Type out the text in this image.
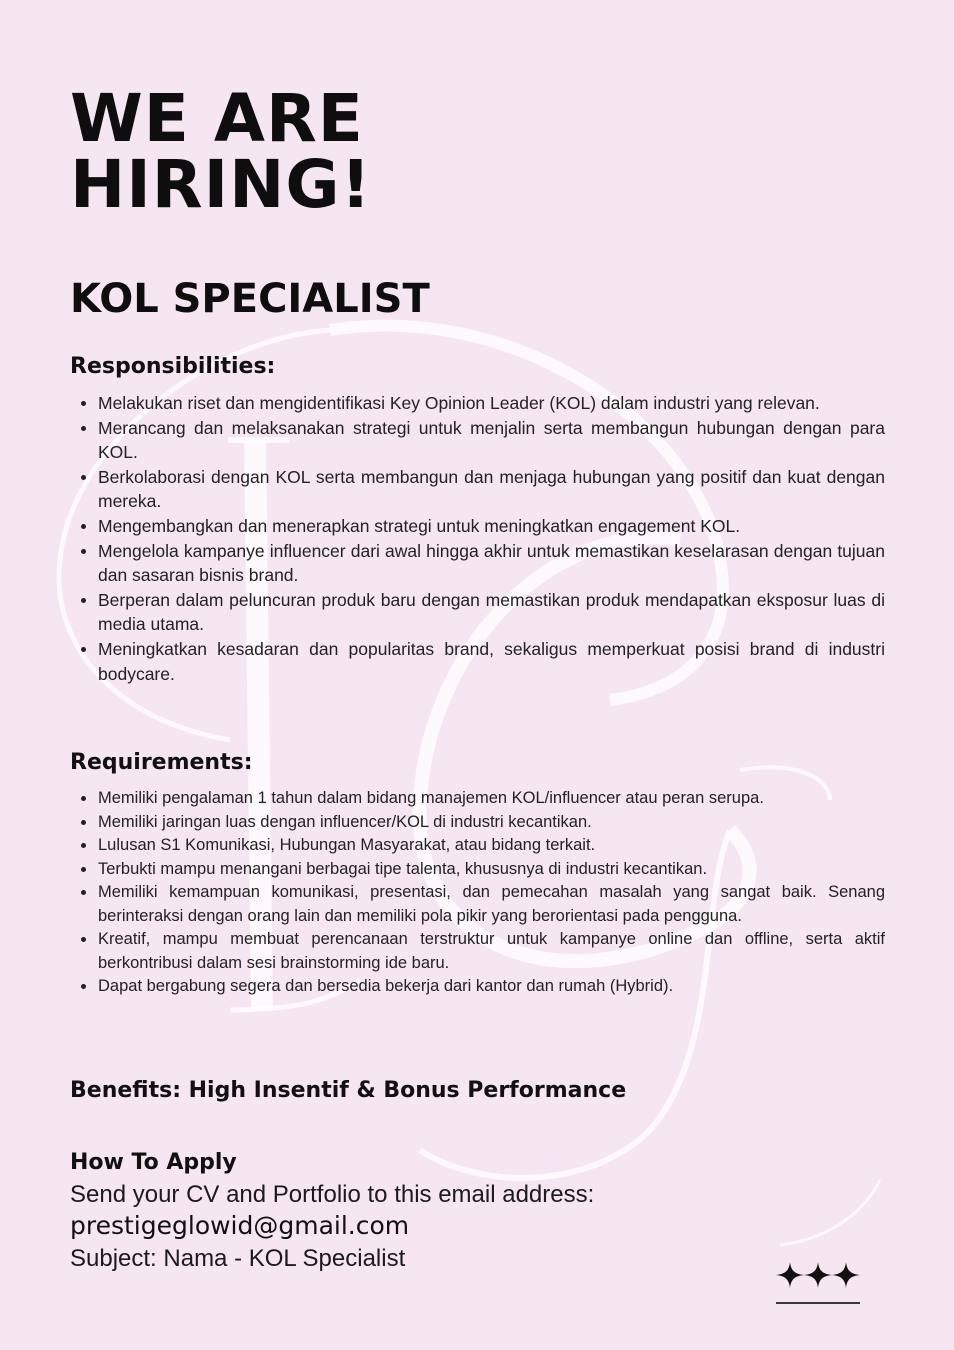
WE ARE
HIRING!
KOL SPECIALIST
Responsibilities:
Melakukan riset dan mengidentifikasi Key Opinion Leader (KOL) dalam industri yang relevan.
Merancang dan melaksanakan strategi untuk menjalin serta membangun hubungan dengan para KOL.
Berkolaborasi dengan KOL serta membangun dan menjaga hubungan yang positif dan kuat dengan mereka.
Mengembangkan dan menerapkan strategi untuk meningkatkan engagement KOL.
Mengelola kampanye influencer dari awal hingga akhir untuk memastikan keselarasan dengan tujuan dan sasaran bisnis brand.
Berperan dalam peluncuran produk baru dengan memastikan produk mendapatkan eksposur luas di media utama.
Meningkatkan kesadaran dan popularitas brand, sekaligus memperkuat posisi brand di industri bodycare.
Requirements:
Memiliki pengalaman 1 tahun dalam bidang manajemen KOL/influencer atau peran serupa.
Memiliki jaringan luas dengan influencer/KOL di industri kecantikan.
Lulusan S1 Komunikasi, Hubungan Masyarakat, atau bidang terkait.
Terbukti mampu menangani berbagai tipe talenta, khususnya di industri kecantikan.
Memiliki kemampuan komunikasi, presentasi, dan pemecahan masalah yang sangat baik. Senang berinteraksi dengan orang lain dan memiliki pola pikir yang berorientasi pada pengguna.
Kreatif, mampu membuat perencanaan terstruktur untuk kampanye online dan offline, serta aktif berkontribusi dalam sesi brainstorming ide baru.
Dapat bergabung segera dan bersedia bekerja dari kantor dan rumah (Hybrid).
Benefits: High Insentif & Bonus Performance
How To Apply

Send your CV and Portfolio to this email address:

prestigeglowid@gmail.com

Subject: Nama - KOL Specialist
